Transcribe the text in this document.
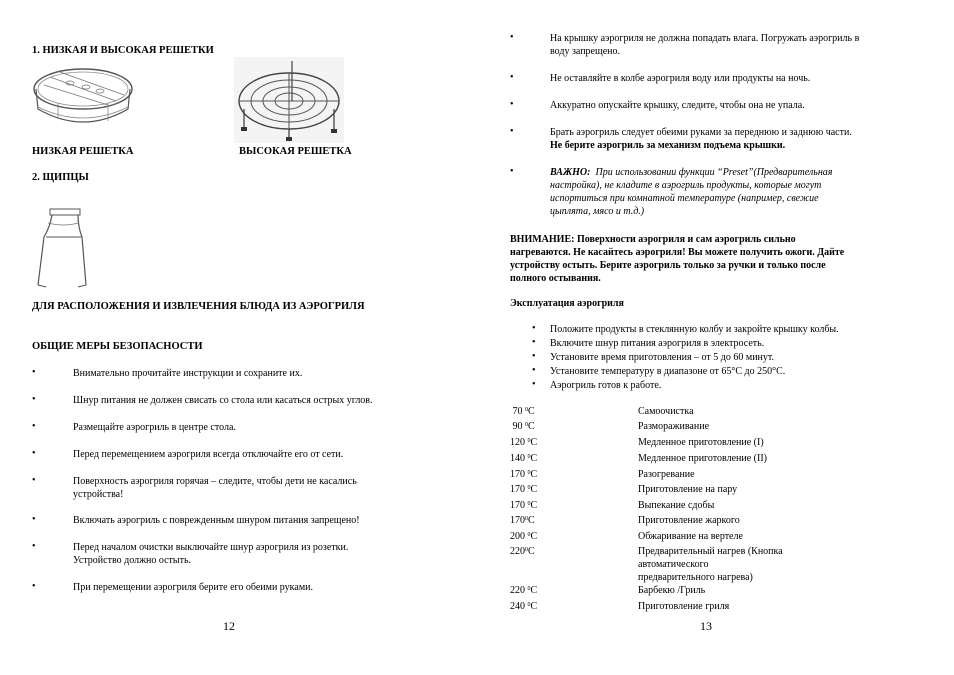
1. НИЗКАЯ И ВЫСОКАЯ РЕШЕТКИ
НИЗКАЯ РЕШЕТКА	ВЫСОКАЯ РЕШЕТКА
2. ЩИПЦЫ
ДЛЯ РАСПОЛОЖЕНИЯ И ИЗВЛЕЧЕНИЯ БЛЮДА ИЗ АЭРОГРИЛЯ
ОБЩИЕ МЕРЫ БЕЗОПАСНОСТИ
•	Внимательно прочитайте инструкции и сохраните их.
•	Шнур питания не должен свисать со стола или касаться острых углов.
•	Размещайте аэрогриль в центре стола.
•	Перед перемещением аэрогриля всегда отключайте его от сети.
•	Поверхность аэрогриля горячая – следите, чтобы дети не касались
устройства!
•	Включать аэрогриль с поврежденным шнуром питания запрещено!
•	Перед началом очистки выключайте шнур аэрогриля из розетки.
Устройство должно остыть.
•	При перемещении аэрогриля берите его обеими руками.
12
•	На крышку аэрогриля не должна попадать влага. Погружать аэрогриль в
воду запрещено.
•	Не оставляйте в колбе аэрогриля воду или продукты на ночь.
•	Аккуратно опускайте крышку, следите, чтобы она не упала.
•	Брать аэрогриль следует обеими руками за переднюю и заднюю части.
Не берите аэрогриль за механизм подъема крышки.
•	ВАЖНО: При использовании функции “Preset”(Предварительная
настройка), не кладите в аэрогриль продукты, которые могут
испортиться при комнатной температуре (например, свежие
цыплята, мясо и т.д.)
ВНИМАНИЕ: Поверхности аэрогриля и сам аэрогриль сильно
нагреваются. Не касайтесь аэрогриля! Вы можете получить ожоги. Дайте
устройству остыть. Берите аэрогриль только за ручки и только после
полного остывания.
Эксплуатация аэрогриля
• Положите продукты в стеклянную колбу и закройте крышку колбы.
• Включите шнур питания аэрогриля в электросеть.
• Установите время приготовления – от 5 до 60 минут.
• Установите температуру в диапазоне от 65°С до 250°С.
• Аэрогриль готов к работе.
70 $^0$С	Самоочистка
90 $^0$С	Размораживание
120 $^0$С	Медленное приготовление (I)
140 $^0$С	Медленное приготовление (II)
170 $^0$С	Разогревание
170 $^0$С	Приготовление на пару
170 $^0$С	Выпекание сдобы
$170^0С$	Приготовление жаркого
200 $^0$С	Обжаривание на вертеле
$220^0С$	Предварительный нагрев (Кнопка
автоматического
предварительного нагрева)
220 $^0$С	Барбекю /Гриль
240 $^0$С	Приготовление гриля
13
